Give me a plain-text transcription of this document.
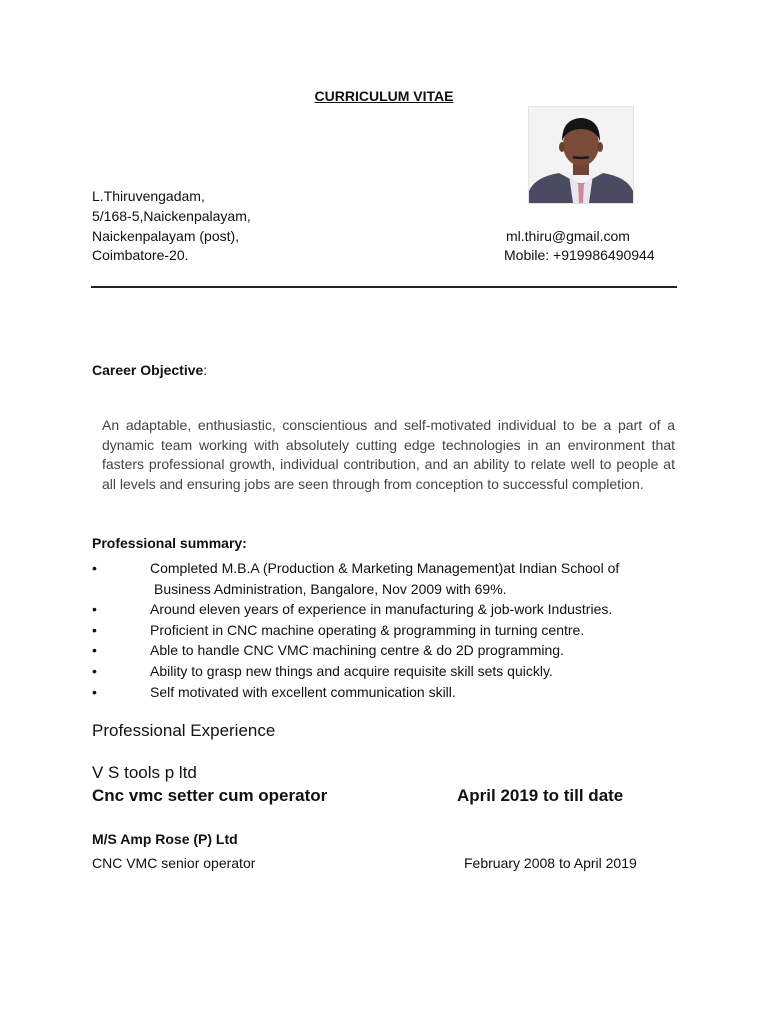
CURRICULUM VITAE
L.Thiruvengadam,
5/168-5,Naickenpalayam,
Naickenpalayam (post),
Coimbatore-20.
ml.thiru@gmail.com
Mobile: +919986490944
Career Objective:
An adaptable, enthusiastic, conscientious and self-motivated individual to be a part of a dynamic team working with absolutely cutting edge technologies in an environment that fasters professional growth, individual contribution, and an ability to relate well to people at all levels and ensuring jobs are seen through from conception to successful completion.
Professional summary:
•	Completed M.B.A (Production & Marketing Management)at Indian School of
Business Administration, Bangalore, Nov 2009 with 69%.
•	Around eleven years of experience in manufacturing & job-work Industries.
•	Proficient in CNC machine operating & programming in turning centre.
•	Able to handle CNC VMC machining centre & do 2D programming.
•	Ability to grasp new things and acquire requisite skill sets quickly.
•	Self motivated with excellent communication skill.
Professional Experience
V S tools p ltd
Cnc vmc setter cum operator	April 2019 to till date
M/S Amp Rose (P) Ltd
CNC VMC senior operator	February 2008 to April 2019
